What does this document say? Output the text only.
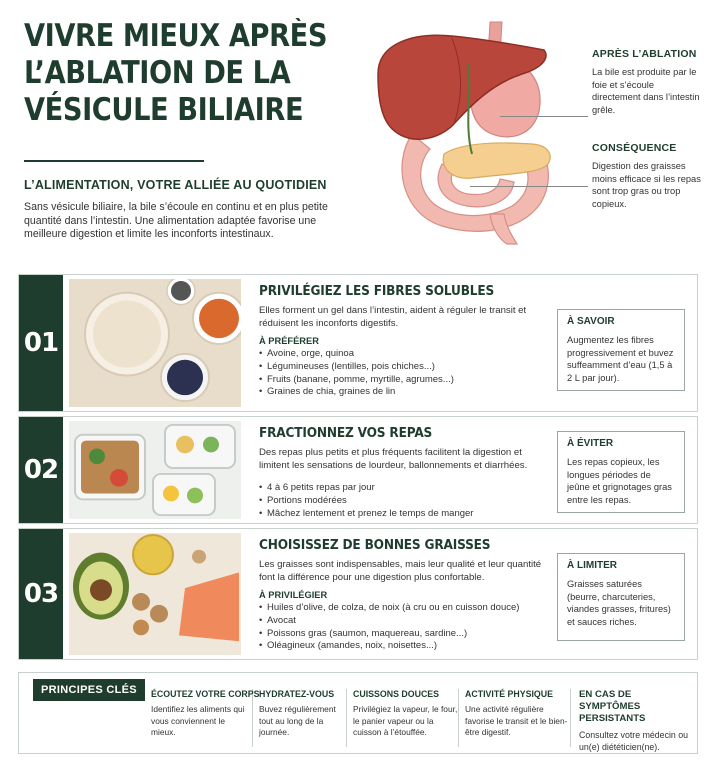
VIVRE MIEUX APRÈS
L’ABLATION DE LA
VÉSICULE BILIAIRE
L’ALIMENTATION, VOTRE ALLIÉE AU QUOTIDIEN
Sans vésicule biliaire, la bile s’écoule en continu et en plus petite quantité dans l’intestin. Une alimentation adaptée favorise une meilleure digestion et limite les inconforts intestinaux.
APRÈS L’ABLATION
La bile est produite par le foie et s’écoule directement dans l’intestin grêle.
CONSÉQUENCE
Digestion des graisses moins efficace si les repas sont trop gras ou trop copieux.
01
PRIVILÉGIEZ LES FIBRES SOLUBLES
Elles forment un gel dans l’intestin, aident à réguler le transit et réduisent les inconforts digestifs.
À PRÉFÉRER
• Avoine, orge, quinoa
• Légumineuses (lentilles, pois chiches...)
• Fruits (banane, pomme, myrtille, agrumes...)
• Graines de chia, graines de lin
À SAVOIR
Augmentez les fibres progressivement et buvez suffeamment d’eau (1,5 à 2 L par jour).
02
FRACTIONNEZ VOS REPAS
Des repas plus petits et plus fréquents facilitent la digestion et limitent les sensations de lourdeur, ballonnements et diarrhées.
• 4 à 6 petits repas par jour
• Portions modérées
• Mâchez lentement et prenez le temps de manger
À ÉVITER
Les repas copieux, les longues périodes de jeûne et grignotages gras entre les repas.
03
CHOISISSEZ DE BONNES GRAISSES
Les graisses sont indispensables, mais leur qualité et leur quantité font la différence pour une digestion plus confortable.
À PRIVILÉGIER
• Huiles d’olive, de colza, de noix (à cru ou en cuisson douce)
• Avocat
• Poissons gras (saumon, maquereau, sardine...)
• Oléagineux (amandes, noix, noisettes...)
À LIMITER
Graisses saturées (beurre, charcuteries, viandes grasses, fritures) et sauces riches.
PRINCIPES CLÉS	ÉCOUTEZ VOTRE CORPS
Identifiez les aliments qui vous conviennent le mieux.
HYDRATEZ-VOUS
Buvez régulièrement tout au long de la journée.
CUISSONS DOUCES
Privilégiez la vapeur, le four, le panier vapeur ou la cuisson à l’étouffée.
ACTIVITÉ PHYSIQUE
Une activité régulière favorise le transit et le bien-être digestif.
EN CAS DE SYMPTÔMES PERSISTANTS
Consultez votre médecin ou un(e) diététicien(ne).
